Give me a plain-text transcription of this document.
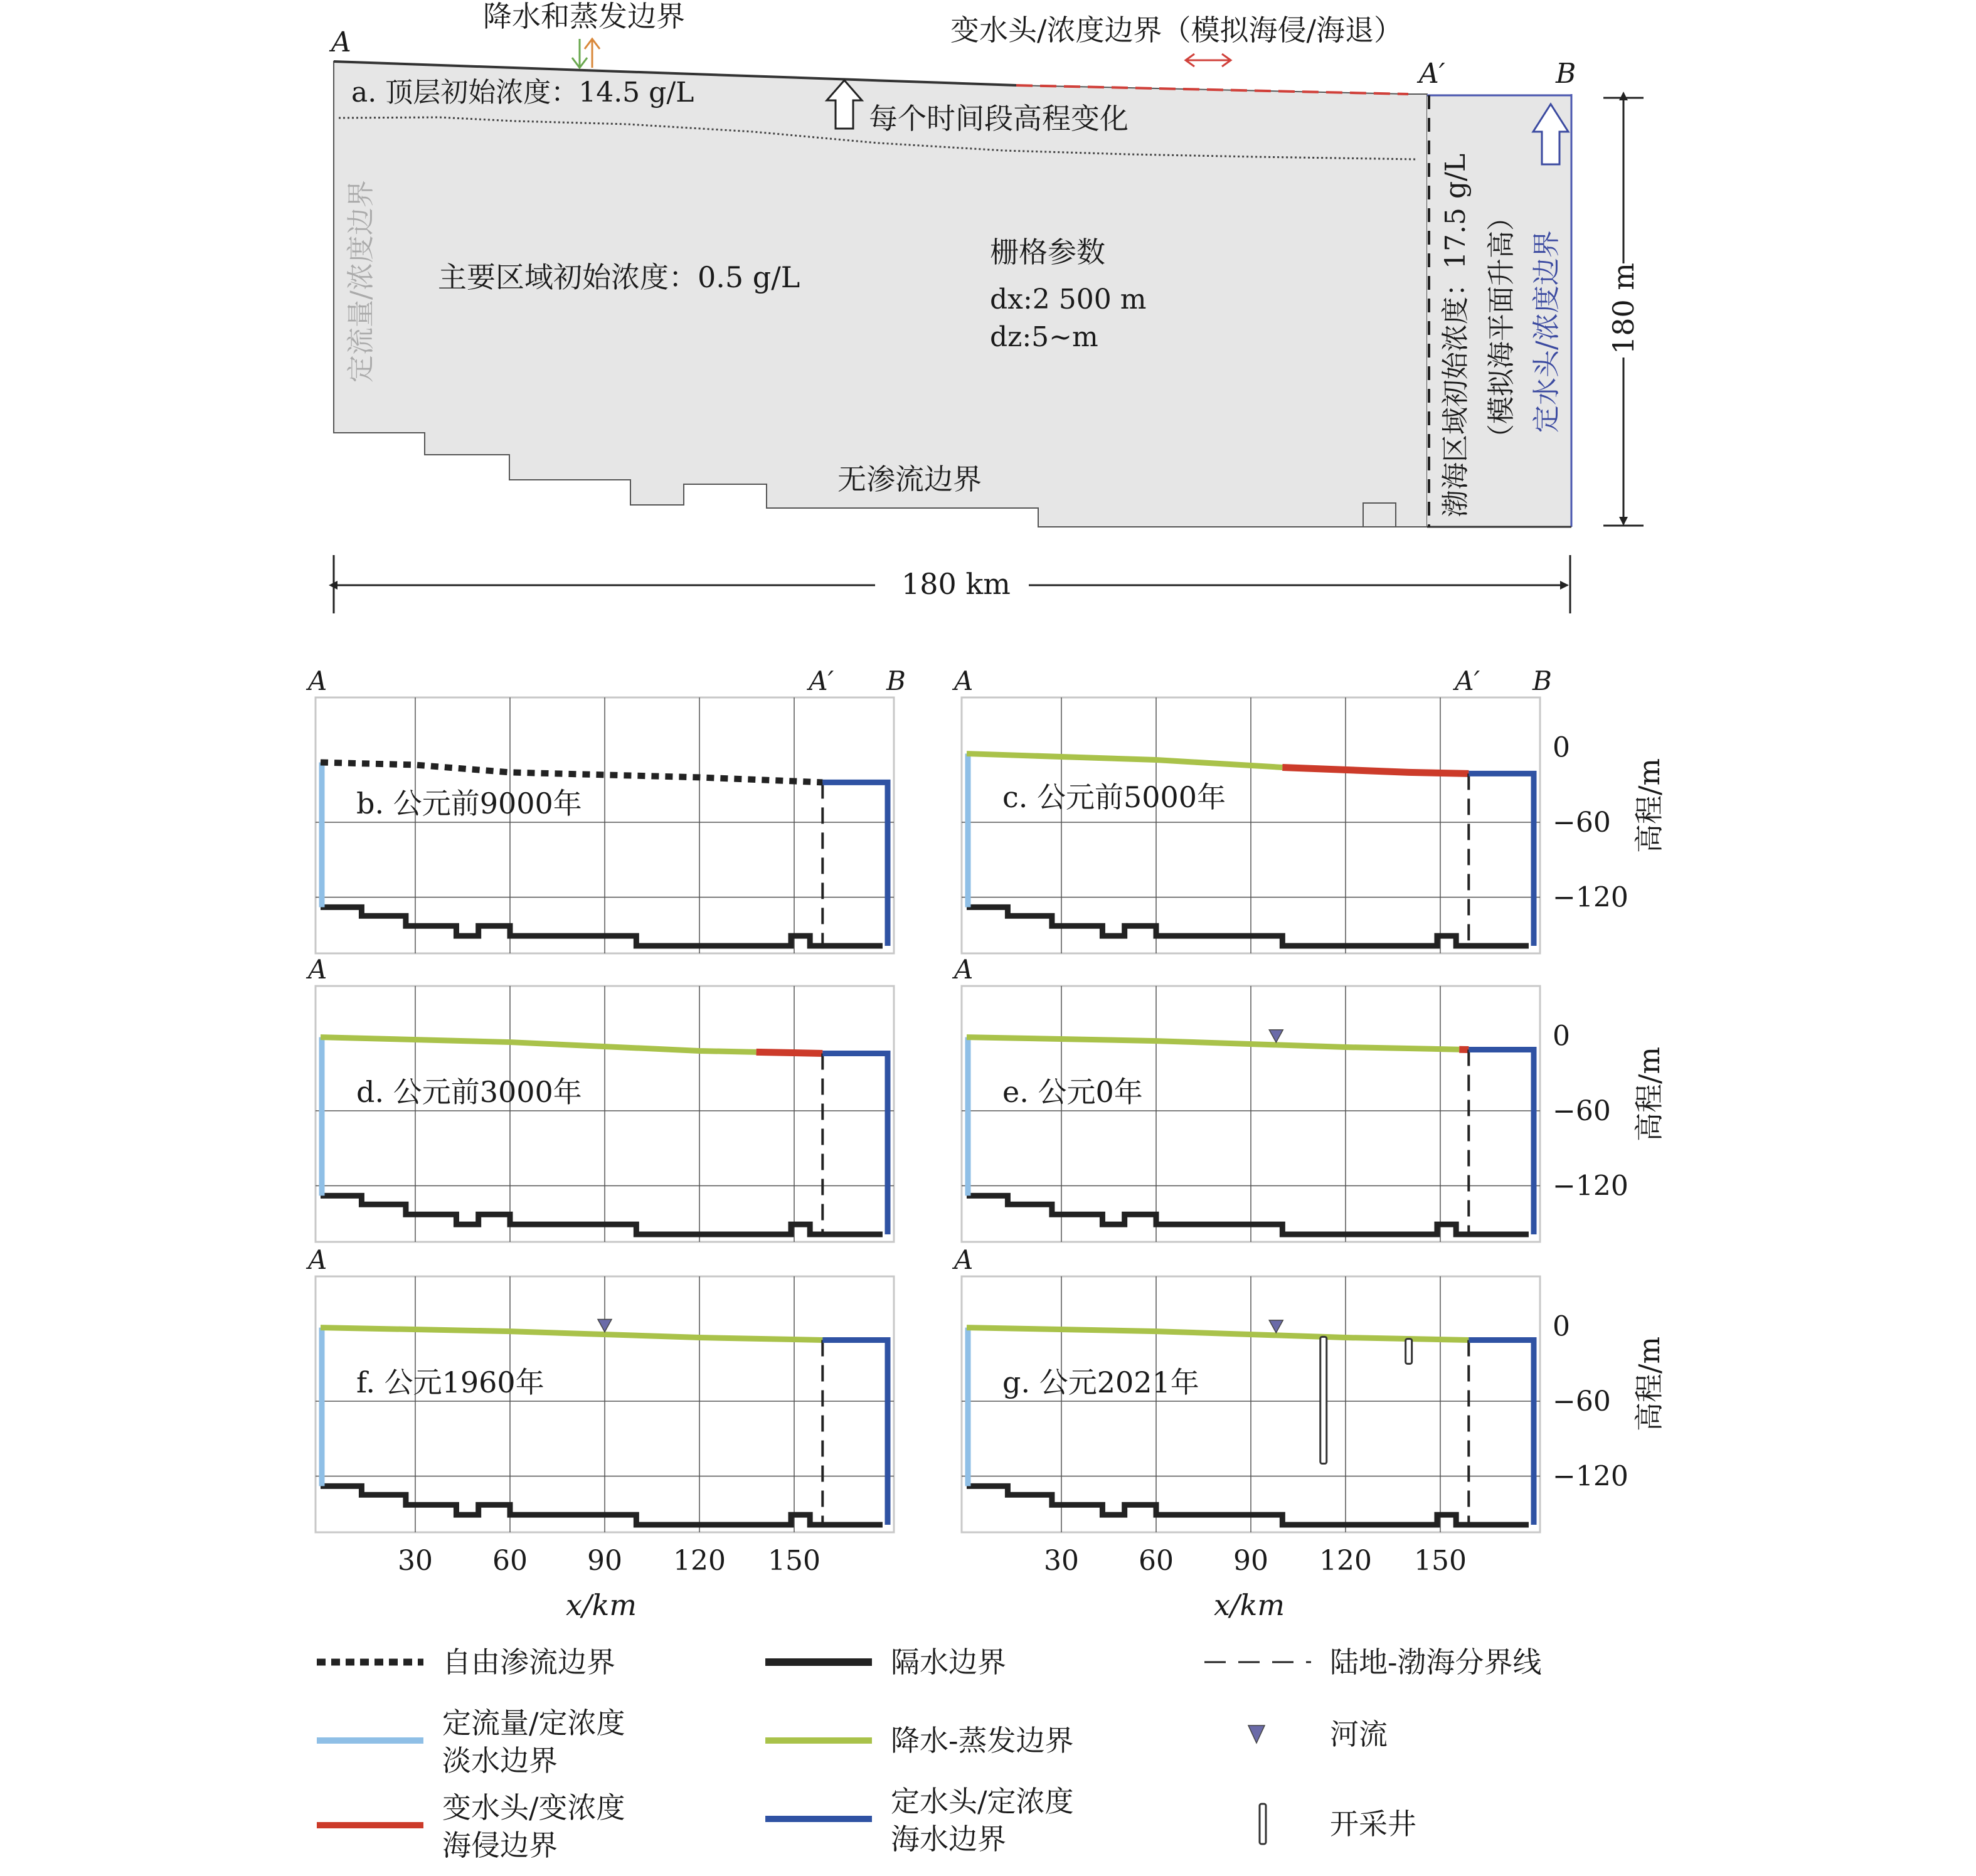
A
A′	B
降水和蒸发边界	变水头/浓度边界（模拟海侵/海退）
a. 顶层初始浓度：14.5 g/L
每个时间段高程变化
定流量/浓度边界 主要区域初始浓度：0.5 g/L
栅格参数
dx:2 500 m
dz:5~m
无渗流边界	渤海区域初始浓度：17.5 g/L （模拟海平面升高） 定水头/浓度边界 180 m
180 km
b. 公元前9000年
A	A′ B
c. 公元前5000年
A	A′ B
0
−60
−120
d. 公元前3000年
A
e. 公元0年
A
0
−60
−120
f. 公元1960年
A
30 60 90 120 150
g. 公元2021年
A
0
−60
−120
30 60 90 120 150
x/km	x/km
高程/m
高程/m
高程/m
自由渗流边界	隔水边界	陆地-渤海分界线
定流量/定浓度
淡水边界
降水-蒸发边界	河流
变水头/变浓度
海侵边界
定水头/定浓度
海水边界	开采井
